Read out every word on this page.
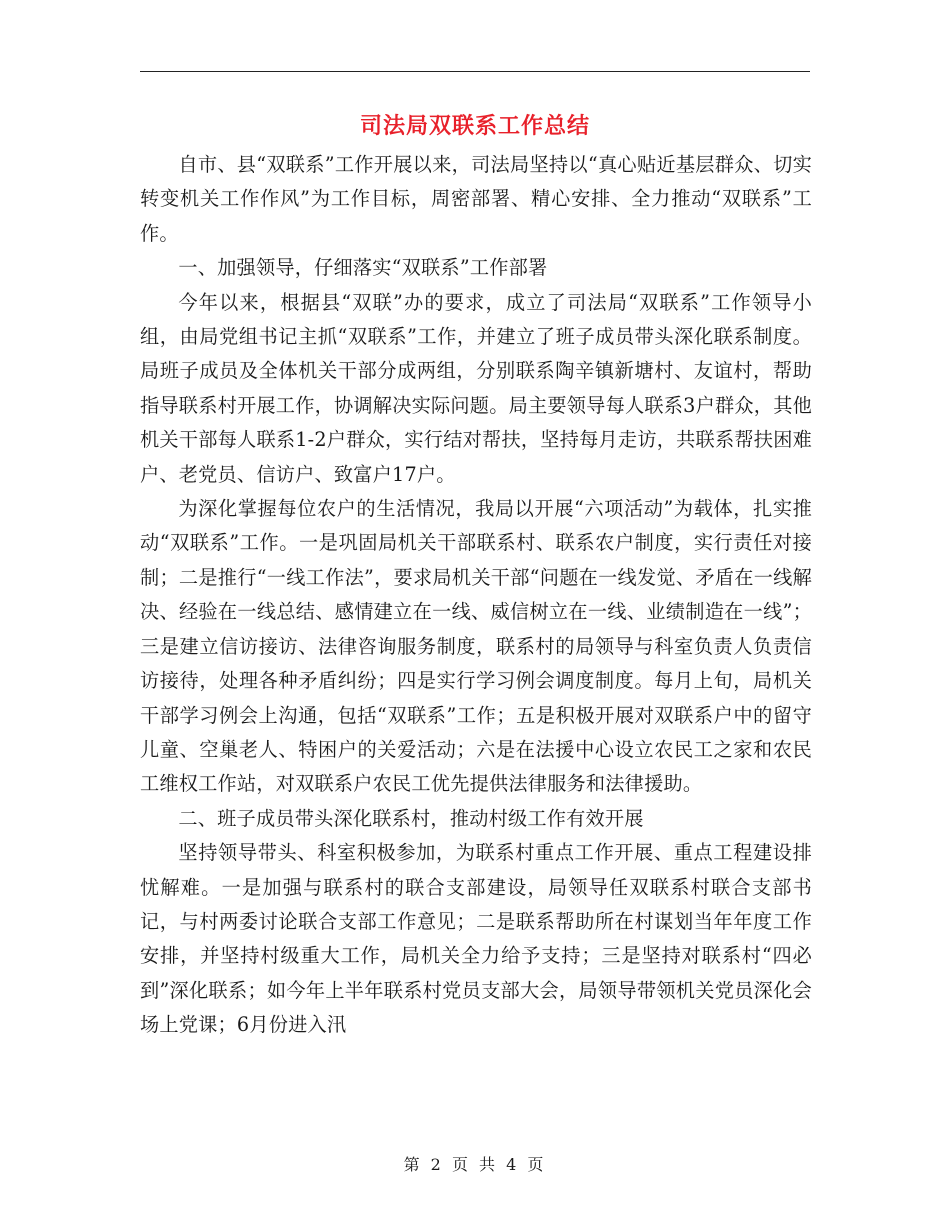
司法局双联系工作总结

自市、县“双联系”工作开展以来，司法局坚持以“真心贴近基层群众、切实转变机关工作作风”为工作目标，周密部署、精心安排、全力推动“双联系”工作。

一、加强领导，仔细落实“双联系”工作部署

今年以来，根据县“双联”办的要求，成立了司法局“双联系”工作领导小组，由局党组书记主抓“双联系”工作，并建立了班子成员带头深化联系制度。局班子成员及全体机关干部分成两组，分别联系陶辛镇新塘村、友谊村，帮助指导联系村开展工作，协调解决实际问题。局主要领导每人联系3户群众，其他机关干部每人联系1-2户群众，实行结对帮扶，坚持每月走访，共联系帮扶困难户、老党员、信访户、致富户17户。

为深化掌握每位农户的生活情况，我局以开展“六项活动”为载体，扎实推动“双联系”工作。一是巩固局机关干部联系村、联系农户制度，实行责任对接制；二是推行“一线工作法”，要求局机关干部“问题在一线发觉、矛盾在一线解决、经验在一线总结、感情建立在一线、威信树立在一线、业绩制造在一线”；三是建立信访接访、法律咨询服务制度，联系村的局领导与科室负责人负责信访接待，处理各种矛盾纠纷；四是实行学习例会调度制度。每月上旬，局机关干部学习例会上沟通，包括“双联系”工作；五是积极开展对双联系户中的留守儿童、空巢老人、特困户的关爱活动；六是在法援中心设立农民工之家和农民工维权工作站，对双联系户农民工优先提供法律服务和法律援助。

二、班子成员带头深化联系村，推动村级工作有效开展

坚持领导带头、科室积极参加，为联系村重点工作开展、重点工程建设排忧解难。一是加强与联系村的联合支部建设，局领导任双联系村联合支部书记，与村两委讨论联合支部工作意见；二是联系帮助所在村谋划当年年度工作安排，并坚持村级重大工作，局机关全力给予支持；三是坚持对联系村“四必到”深化联系；如今年上半年联系村党员支部大会，局领导带领机关党员深化会场上党课；6月份进入汛

第 2 页 共 4 页
